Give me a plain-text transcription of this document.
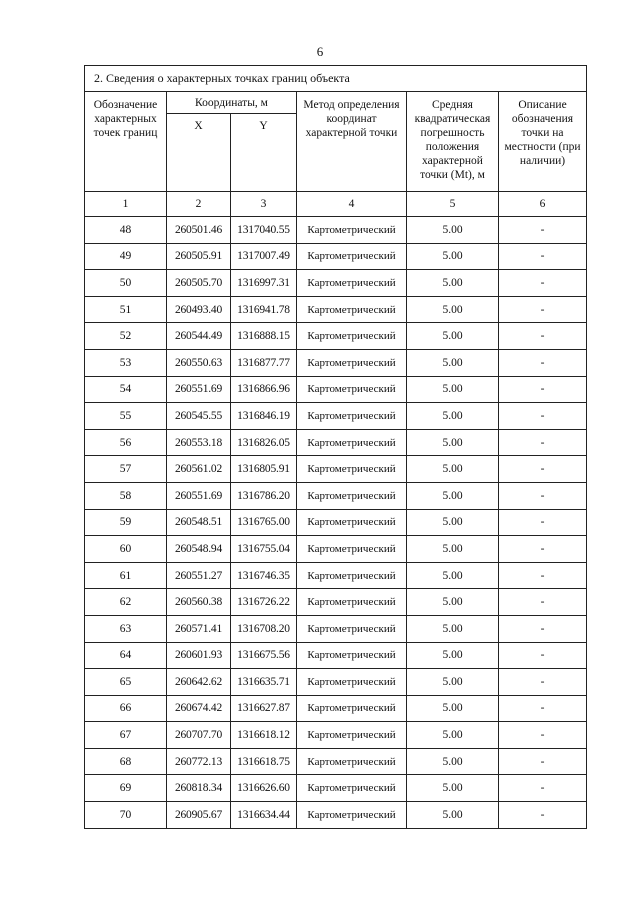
6
2. Сведения о характерных точках границ объекта					
Обозначение характерных точек границ	Координаты, м		Метод определения координат характерной точки	Средняя квадратическая погрешность положения характерной точки (Mt), м	Описание обозначения точки на местности (при наличии)
	X	Y			
1	2	3	4	5	6
48	260501.46	1317040.55	Картометрический	5.00	-
49	260505.91	1317007.49	Картометрический	5.00	-
50	260505.70	1316997.31	Картометрический	5.00	-
51	260493.40	1316941.78	Картометрический	5.00	-
52	260544.49	1316888.15	Картометрический	5.00	-
53	260550.63	1316877.77	Картометрический	5.00	-
54	260551.69	1316866.96	Картометрический	5.00	-
55	260545.55	1316846.19	Картометрический	5.00	-
56	260553.18	1316826.05	Картометрический	5.00	-
57	260561.02	1316805.91	Картометрический	5.00	-
58	260551.69	1316786.20	Картометрический	5.00	-
59	260548.51	1316765.00	Картометрический	5.00	-
60	260548.94	1316755.04	Картометрический	5.00	-
61	260551.27	1316746.35	Картометрический	5.00	-
62	260560.38	1316726.22	Картометрический	5.00	-
63	260571.41	1316708.20	Картометрический	5.00	-
64	260601.93	1316675.56	Картометрический	5.00	-
65	260642.62	1316635.71	Картометрический	5.00	-
66	260674.42	1316627.87	Картометрический	5.00	-
67	260707.70	1316618.12	Картометрический	5.00	-
68	260772.13	1316618.75	Картометрический	5.00	-
69	260818.34	1316626.60	Картометрический	5.00	-
70	260905.67	1316634.44	Картометрический	5.00	-
